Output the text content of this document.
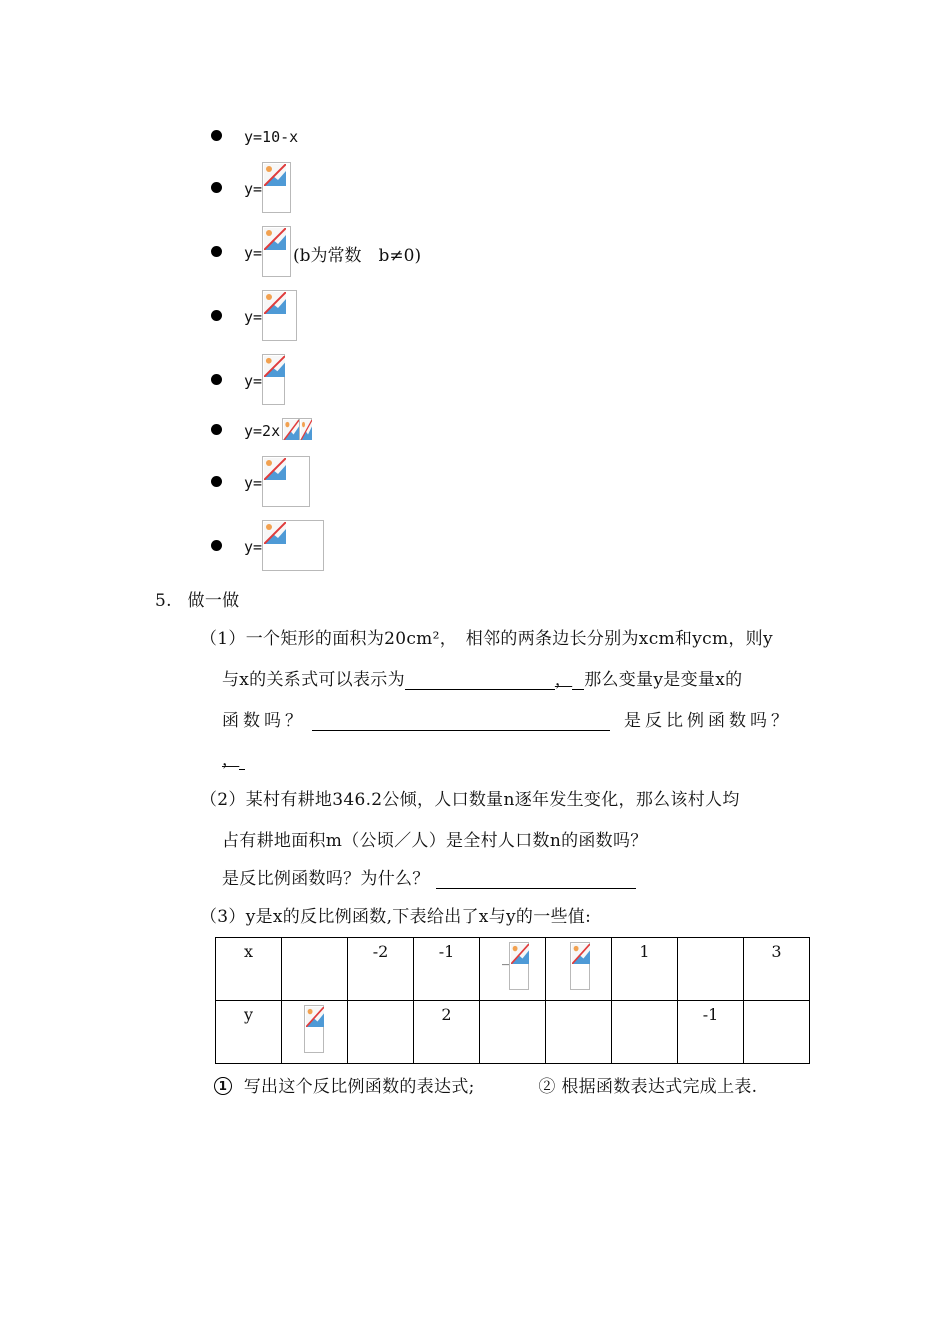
y=10-x
y=
y= (b为常数　b≠0)
y=
y=
y=2x
y=
y=
5. 做一做
（1）一个矩形的面积为20cm²，　相邻的两条边长分别为xcm和ycm，则y
与x的关系式可以表示为	， 那么变量y是变量x的
函数吗？	是反比例函数吗？
，
（2）某村有耕地346.2公倾，人口数量n逐年发生变化，那么该村人均
占有耕地面积m（公顷／人）是全村人口数n的函数吗？
是反比例函数吗？为什么？
（3）y是x的反比例函数,下表给出了x与y的一些值:
x		-2	-1	_		1		3
y			2				-1	
1 写出这个反比例函数的表达式;	② 根据函数表达式完成上表.
